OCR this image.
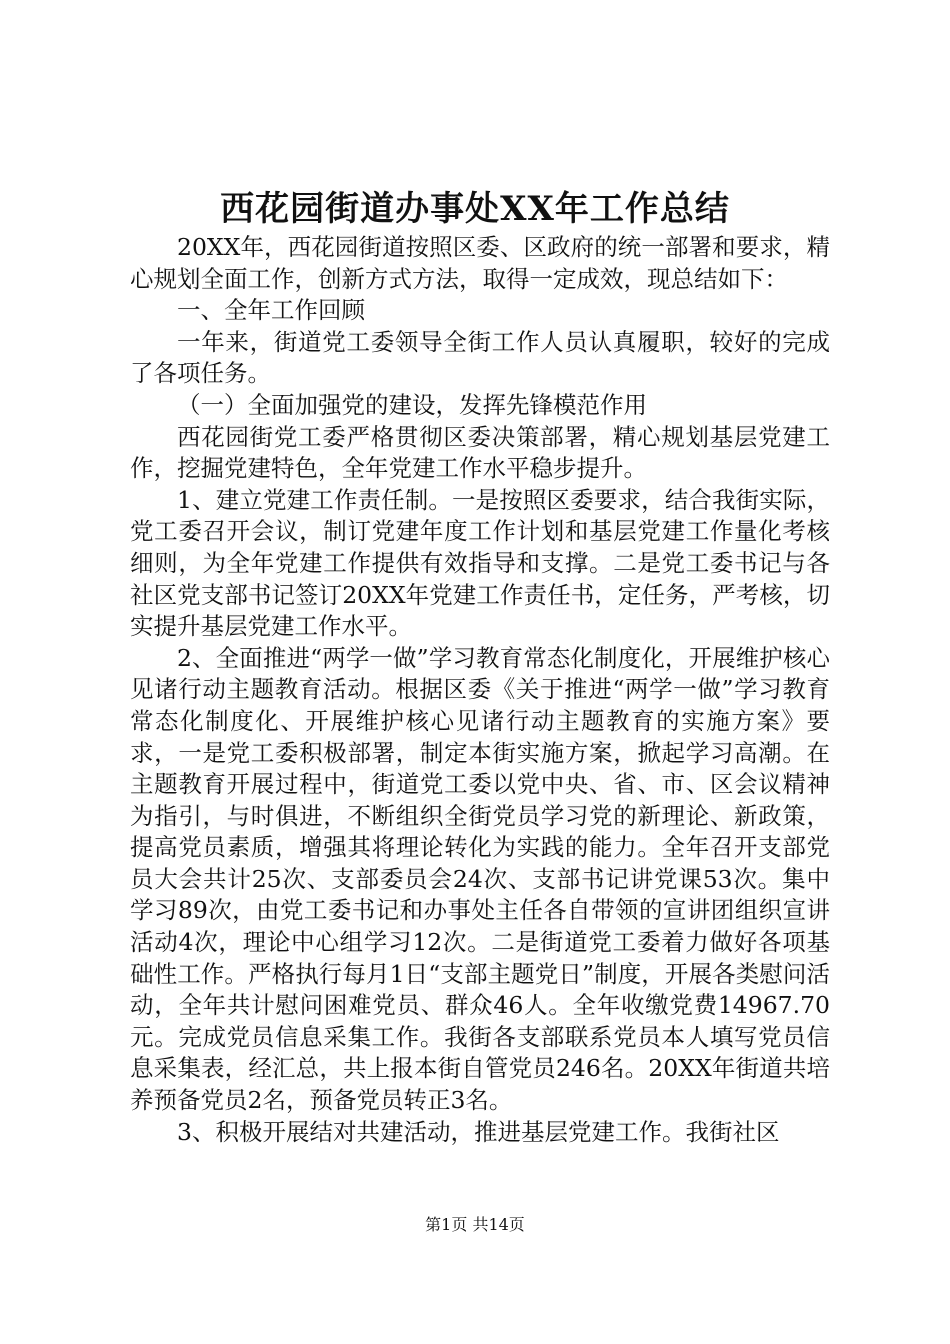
西花园街道办事处XX年工作总结

20XX年，西花园街道按照区委、区政府的统一部署和要求，精心规划全面工作，创新方式方法，取得一定成效，现总结如下：

一、全年工作回顾

一年来，街道党工委领导全街工作人员认真履职，较好的完成了各项任务。

（一）全面加强党的建设，发挥先锋模范作用

西花园街党工委严格贯彻区委决策部署，精心规划基层党建工作，挖掘党建特色，全年党建工作水平稳步提升。

1、建立党建工作责任制。一是按照区委要求，结合我街实际，党工委召开会议，制订党建年度工作计划和基层党建工作量化考核细则，为全年党建工作提供有效指导和支撑。二是党工委书记与各社区党支部书记签订20XX年党建工作责任书，定任务，严考核，切实提升基层党建工作水平。

2、全面推进“两学一做”学习教育常态化制度化，开展维护核心见诸行动主题教育活动。根据区委《关于推进“两学一做”学习教育常态化制度化、开展维护核心见诸行动主题教育的实施方案》要求，一是党工委积极部署，制定本街实施方案，掀起学习高潮。在主题教育开展过程中，街道党工委以党中央、省、市、区会议精神为指引，与时俱进，不断组织全街党员学习党的新理论、新政策，提高党员素质，增强其将理论转化为实践的能力。全年召开支部党员大会共计25次、支部委员会24次、支部书记讲党课53次。集中学习89次，由党工委书记和办事处主任各自带领的宣讲团组织宣讲活动4次，理论中心组学习12次。二是街道党工委着力做好各项基础性工作。严格执行每月1日“支部主题党日”制度，开展各类慰问活动，全年共计慰问困难党员、群众46人。全年收缴党费14967.70元。完成党员信息采集工作。我街各支部联系党员本人填写党员信息采集表，经汇总，共上报本街自管党员246名。20XX年街道共培养预备党员2名，预备党员转正3名。

3、积极开展结对共建活动，推进基层党建工作。我街社区

第1页 共14页
